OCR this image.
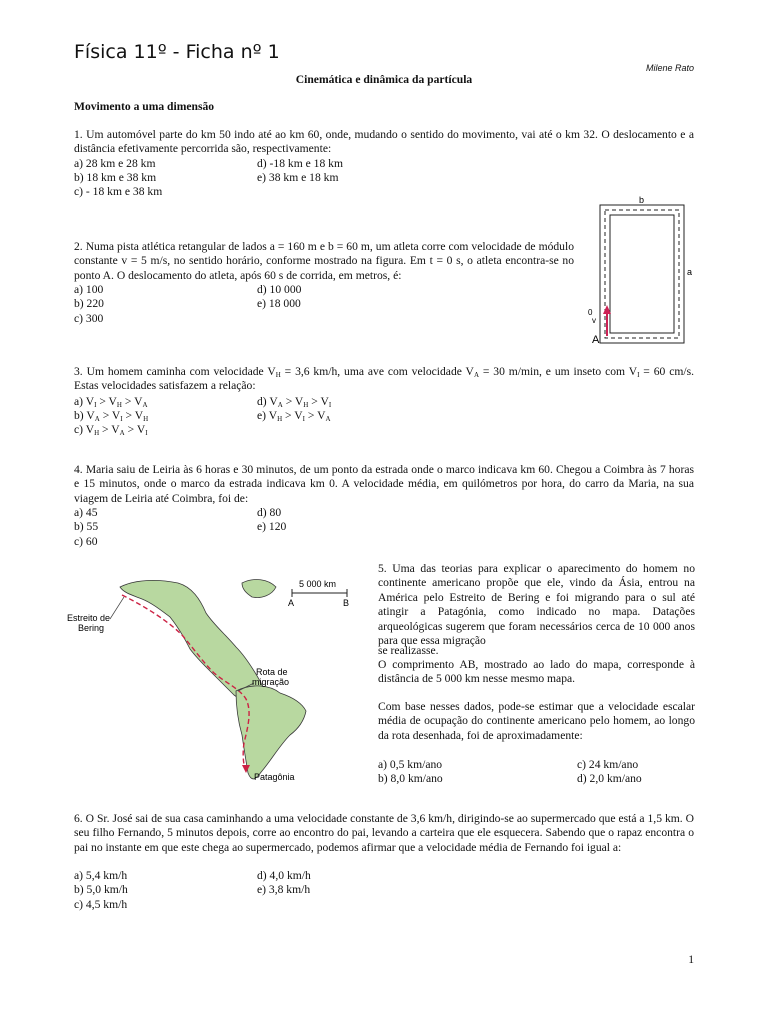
Física 11º - Ficha nº 1
Milene Rato
Cinemática e dinâmica da partícula
Movimento a uma dimensão
1. Um automóvel parte do km 50 indo até ao km 60, onde, mudando o sentido do movimento, vai até o km 32. O deslocamento e a distância efetivamente percorrida são, respectivamente:
a) 28 km e 28 km
b) 18 km e 38 km
c) - 18 km e 38 km
d) -18 km e 18 km
e) 38 km e 18 km
2. Numa pista atlética retangular de lados a = 160 m e b = 60 m, um atleta corre com velocidade de módulo constante v = 5 m/s, no sentido horário, conforme mostrado na figura. Em t = 0 s, o atleta encontra-se no ponto A. O deslocamento do atleta, após 60 s de corrida, em metros, é:
a) 100
b) 220
c) 300
d) 10 000
e) 18 000
b
a
A
0
v
3. Um homem caminha com velocidade $V_H = 3,6$ km/h, uma ave com velocidade $V_A = 30$ m/min, e um inseto com $V_I = 60$ cm/s. Estas velocidades satisfazem a relação:
a) $V_I > V_H > V_A$
b) $V_A > V_I > V_H$
c) $V_H > V_A > V_I$
d) $V_A > V_H > V_I$
e) $V_H > V_I > V_A$
4. Maria saiu de Leiria às 6 horas e 30 minutos, de um ponto da estrada onde o marco indicava km 60. Chegou a Coimbra às 7 horas e 15 minutos, onde o marco da estrada indicava km 0. A velocidade média, em quilómetros por hora, do carro da Maria, na sua viagem de Leiria até Coimbra, foi de:
a) 45
b) 55
c) 60
d) 80
e) 120
5 000 km
A	B
Estreito de
Bering
Rota de
migração
Patagônia
5. Uma das teorias para explicar o aparecimento do homem no continente americano propõe que ele, vindo da Ásia, entrou na América pelo Estreito de Bering e foi migrando para o sul até atingir a Patagónia, como indicado no mapa. Datações arqueológicas sugerem que foram necessários cerca de 10 000 anos para que essa migração
se realizasse.
O comprimento AB, mostrado ao lado do mapa, corresponde à distância de 5 000 km nesse mesmo mapa.
Com base nesses dados, pode-se estimar que a velocidade escalar média de ocupação do continente americano pelo homem, ao longo da rota desenhada, foi de aproximadamente:
a) 0,5 km/ano
b) 8,0 km/ano
c) 24 km/ano
d) 2,0 km/ano
6. O Sr. José sai de sua casa caminhando a uma velocidade constante de 3,6 km/h, dirigindo-se ao supermercado que está a 1,5 km. O seu filho Fernando, 5 minutos depois, corre ao encontro do pai, levando a carteira que ele esquecera. Sabendo que o rapaz encontra o pai no instante em que este chega ao supermercado, podemos afirmar que a velocidade média de Fernando foi igual a:
a) 5,4 km/h
b) 5,0 km/h
c) 4,5 km/h
d) 4,0 km/h
e) 3,8 km/h
1
